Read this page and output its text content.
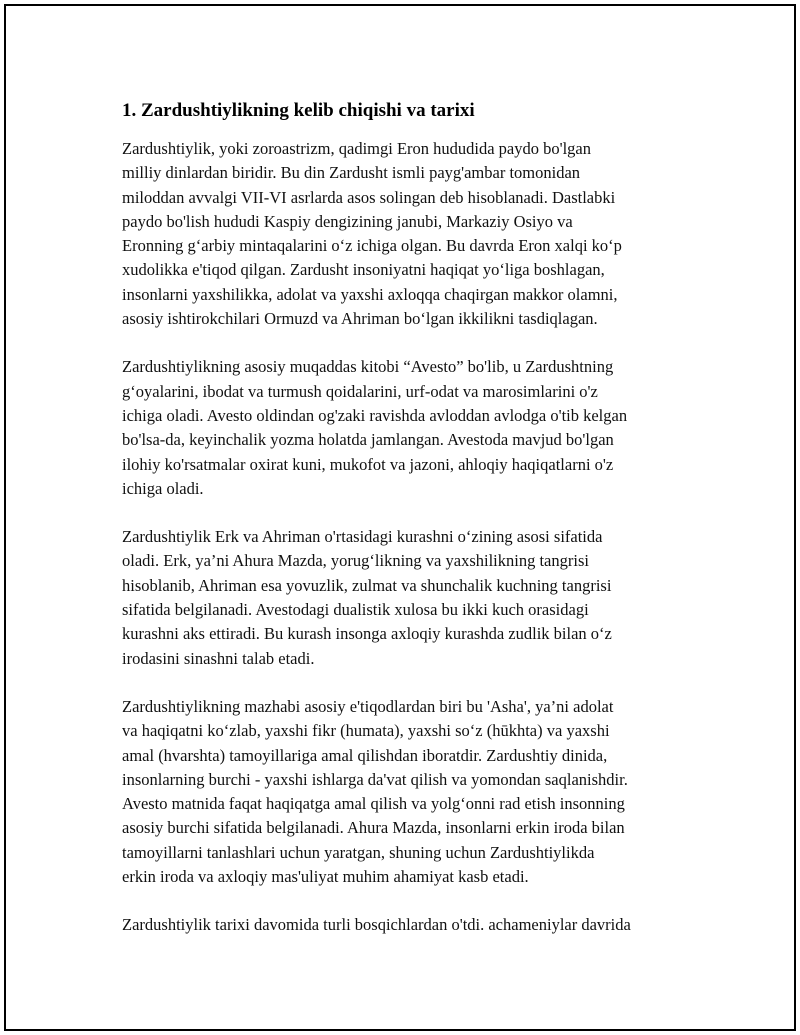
1. Zardushtiylikning kelib chiqishi va tarixi
Zardushtiylik, yoki zoroastrizm, qadimgi Eron hududida paydo bo'lgan
milliy dinlardan biridir. Bu din Zardusht ismli payg'ambar tomonidan
miloddan avvalgi VII-VI asrlarda asos solingan deb hisoblanadi. Dastlabki
paydo bo'lish hududi Kaspiy dengizining janubi, Markaziy Osiyo va
Eronning g‘arbiy mintaqalarini o‘z ichiga olgan. Bu davrda Eron xalqi ko‘p
xudolikka e'tiqod qilgan. Zardusht insoniyatni haqiqat yo‘liga boshlagan,
insonlarni yaxshilikka, adolat va yaxshi axloqqa chaqirgan makkor olamni,
asosiy ishtirokchilari Ormuzd va Ahriman bo‘lgan ikkilikni tasdiqlagan.
Zardushtiylikning asosiy muqaddas kitobi “Avesto” bo'lib, u Zardushtning
g‘oyalarini, ibodat va turmush qoidalarini, urf-odat va marosimlarini o'z
ichiga oladi. Avesto oldindan og'zaki ravishda avloddan avlodga o'tib kelgan
bo'lsa-da, keyinchalik yozma holatda jamlangan. Avestoda mavjud bo'lgan
ilohiy ko'rsatmalar oxirat kuni, mukofot va jazoni, ahloqiy haqiqatlarni o'z
ichiga oladi.
Zardushtiylik Erk va Ahriman o'rtasidagi kurashni o‘zining asosi sifatida
oladi. Erk, ya’ni Ahura Mazda, yorug‘likning va yaxshilikning tangrisi
hisoblanib, Ahriman esa yovuzlik, zulmat va shunchalik kuchning tangrisi
sifatida belgilanadi. Avestodagi dualistik xulosa bu ikki kuch orasidagi
kurashni aks ettiradi. Bu kurash insonga axloqiy kurashda zudlik bilan o‘z
irodasini sinashni talab etadi.
Zardushtiylikning mazhabi asosiy e'tiqodlardan biri bu 'Asha', ya’ni adolat
va haqiqatni ko‘zlab, yaxshi fikr (humata), yaxshi so‘z (hūkhta) va yaxshi
amal (hvarshta) tamoyillariga amal qilishdan iboratdir. Zardushtiy dinida,
insonlarning burchi - yaxshi ishlarga da'vat qilish va yomondan saqlanishdir.
Avesto matnida faqat haqiqatga amal qilish va yolg‘onni rad etish insonning
asosiy burchi sifatida belgilanadi. Ahura Mazda, insonlarni erkin iroda bilan
tamoyillarni tanlashlari uchun yaratgan, shuning uchun Zardushtiylikda
erkin iroda va axloqiy mas'uliyat muhim ahamiyat kasb etadi.
Zardushtiylik tarixi davomida turli bosqichlardan o'tdi. achameniylar davrida
